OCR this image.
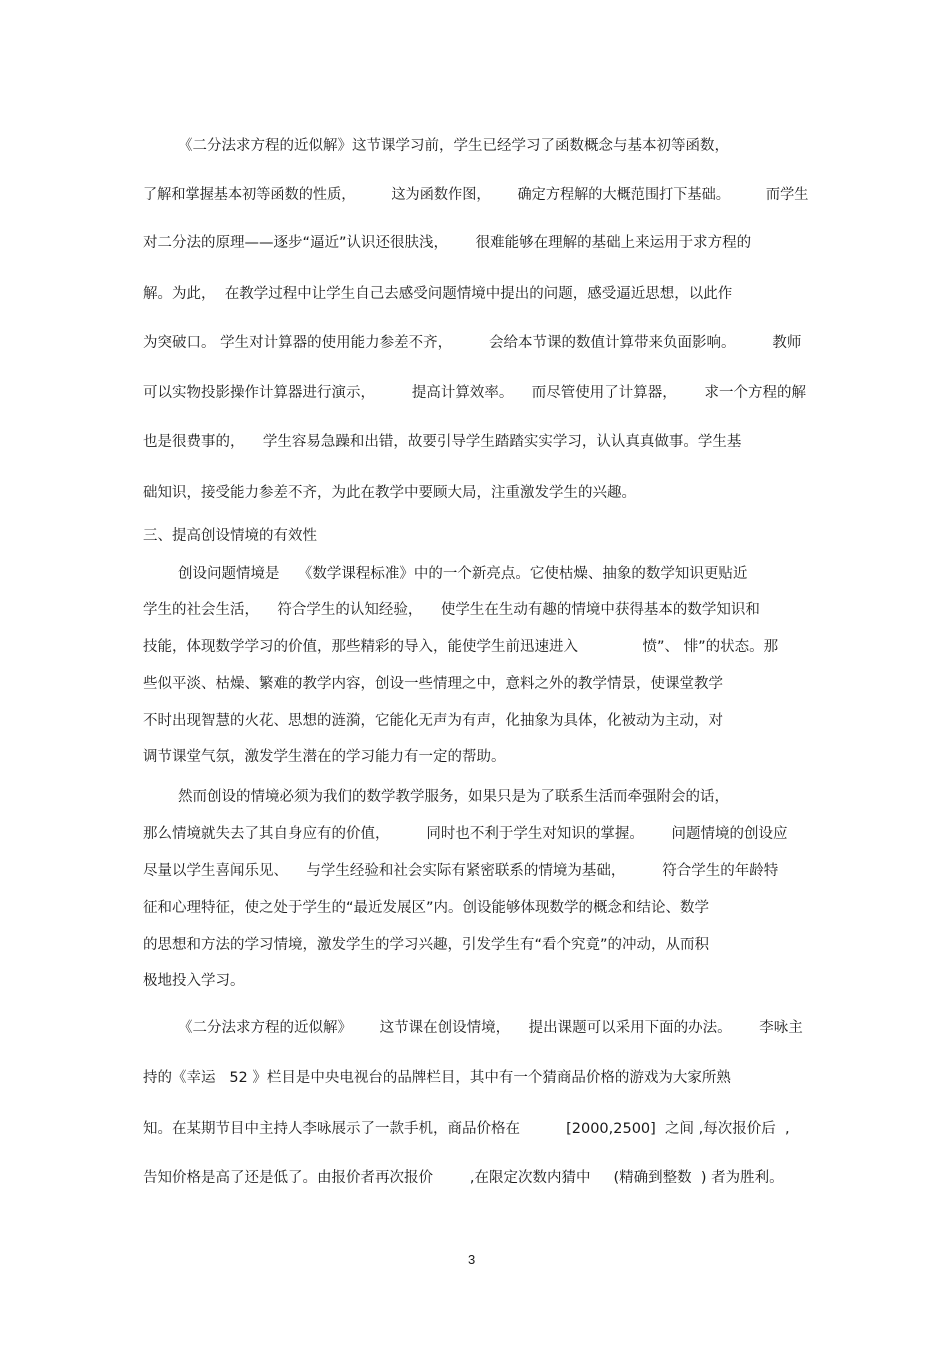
《二分法求方程的近似解》这节课学习前，学生已经学习了函数概念与基本初等函数，
了解和掌握基本初等函数的性质，        这为函数作图，      确定方程解的大概范围打下基础。        而学生
对二分法的原理——逐步“逼近”认识还很肤浅，      很难能够在理解的基础上来运用于求方程的
解。为此，  在教学过程中让学生自己去感受问题情境中提出的问题，感受逼近思想，以此作
为突破口。 学生对计算器的使用能力参差不齐，        会给本节课的数值计算带来负面影响。        教师
可以实物投影操作计算器进行演示，        提高计算效率。    而尽管使用了计算器，      求一个方程的解
也是很费事的，    学生容易急躁和出错，故要引导学生踏踏实实学习，认认真真做事。学生基
础知识，接受能力参差不齐，为此在教学中要顾大局，注重激发学生的兴趣。
三、提高创设情境的有效性
创设问题情境是    《数学课程标准》中的一个新亮点。它使枯燥、抽象的数学知识更贴近
学生的社会生活，    符合学生的认知经验，    使学生在生动有趣的情境中获得基本的数学知识和
技能，体现数学学习的价值，那些精彩的导入，能使学生前迅速进入              愤”、 悱”的状态。那
些似平淡、枯燥、繁难的教学内容，创设一些情理之中，意料之外的教学情景，使课堂教学
不时出现智慧的火花、思想的涟漪，它能化无声为有声，化抽象为具体，化被动为主动，对
调节课堂气氛，激发学生潜在的学习能力有一定的帮助。
然而创设的情境必须为我们的数学教学服务，如果只是为了联系生活而牵强附会的话，
那么情境就失去了其自身应有的价值，        同时也不利于学生对知识的掌握。      问题情境的创设应
尽量以学生喜闻乐见、    与学生经验和社会实际有紧密联系的情境为基础，        符合学生的年龄特
征和心理特征，使之处于学生的“最近发展区”内。创设能够体现数学的概念和结论、数学
的思想和方法的学习情境，激发学生的学习兴趣，引发学生有“看个究竟”的冲动，从而积
极地投入学习。
《二分法求方程的近似解》      这节课在创设情境，    提出课题可以采用下面的办法。      李咏主
持的《幸运   52 》栏目是中央电视台的品牌栏目，其中有一个猜商品价格的游戏为大家所熟
知。在某期节目中主持人李咏展示了一款手机，商品价格在          [2000,2500]  之间 ,每次报价后  ,
告知价格是高了还是低了。由报价者再次报价        ,在限定次数内猜中     (精确到整数  ) 者为胜利。
3
